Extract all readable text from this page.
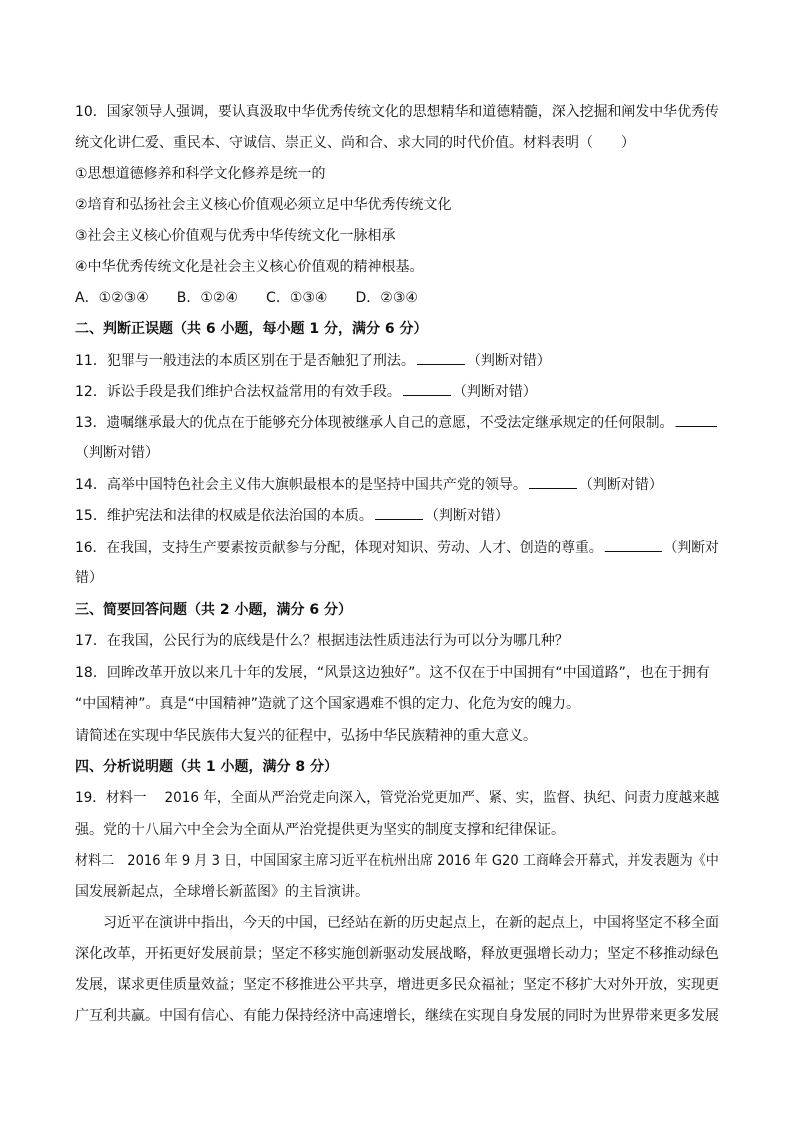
10．国家领导人强调，要认真汲取中华优秀传统文化的思想精华和道德精髓，深入挖掘和阐发中华优秀传
统文化讲仁爱、重民本、守诚信、崇正义、尚和合、求大同的时代价值。材料表明（　　）
①思想道德修养和科学文化修养是统一的
②培育和弘扬社会主义核心价值观必须立足中华优秀传统文化
③社会主义核心价值观与优秀中华传统文化一脉相承
④中华优秀传统文化是社会主义核心价值观的精神根基。
A．①②③④ B．①②④ C．①③④ D．②③④
二、判断正误题（共 6 小题，每小题 1 分，满分 6 分）
11．犯罪与一般违法的本质区别在于是否触犯了刑法。	（判断对错）
12．诉讼手段是我们维护合法权益常用的有效手段。	（判断对错）
13．遗嘱继承最大的优点在于能够充分体现被继承人自己的意愿，不受法定继承规定的任何限制。
（判断对错）
14．高举中国特色社会主义伟大旗帜最根本的是坚持中国共产党的领导。	（判断对错）
15．维护宪法和法律的权威是依法治国的本质。	（判断对错）
16．在我国，支持生产要素按贡献参与分配，体现对知识、劳动、人才、创造的尊重。	（判断对
错）
三、简要回答问题（共 2 小题，满分 6 分）
17．在我国，公民行为的底线是什么？根据违法性质违法行为可以分为哪几种？
18．回眸改革开放以来几十年的发展，“风景这边独好”。这不仅在于中国拥有“中国道路”，也在于拥有
“中国精神”。真是“中国精神”造就了这个国家遇难不惧的定力、化危为安的魄力。
请简述在实现中华民族伟大复兴的征程中，弘扬中华民族精神的重大意义。
四、分析说明题（共 1 小题，满分 8 分）
19．材料一　 2016 年，全面从严治党走向深入，管党治党更加严、紧、实，监督、执纪、问责力度越来越
强。党的十八届六中全会为全面从严治党提供更为坚实的制度支撑和纪律保证。
材料二　2016 年 9 月 3 日，中国国家主席习近平在杭州出席 2016 年 G20 工商峰会开幕式，并发表题为《中
国发展新起点，全球增长新蓝图》的主旨演讲。
　　习近平在演讲中指出，今天的中国，已经站在新的历史起点上，在新的起点上，中国将坚定不移全面
深化改革，开拓更好发展前景；坚定不移实施创新驱动发展战略，释放更强增长动力；坚定不移推动绿色
发展，谋求更佳质量效益；坚定不移推进公平共享，增进更多民众福祉；坚定不移扩大对外开放，实现更
广互利共赢。中国有信心、有能力保持经济中高速增长，继续在实现自身发展的同时为世界带来更多发展
